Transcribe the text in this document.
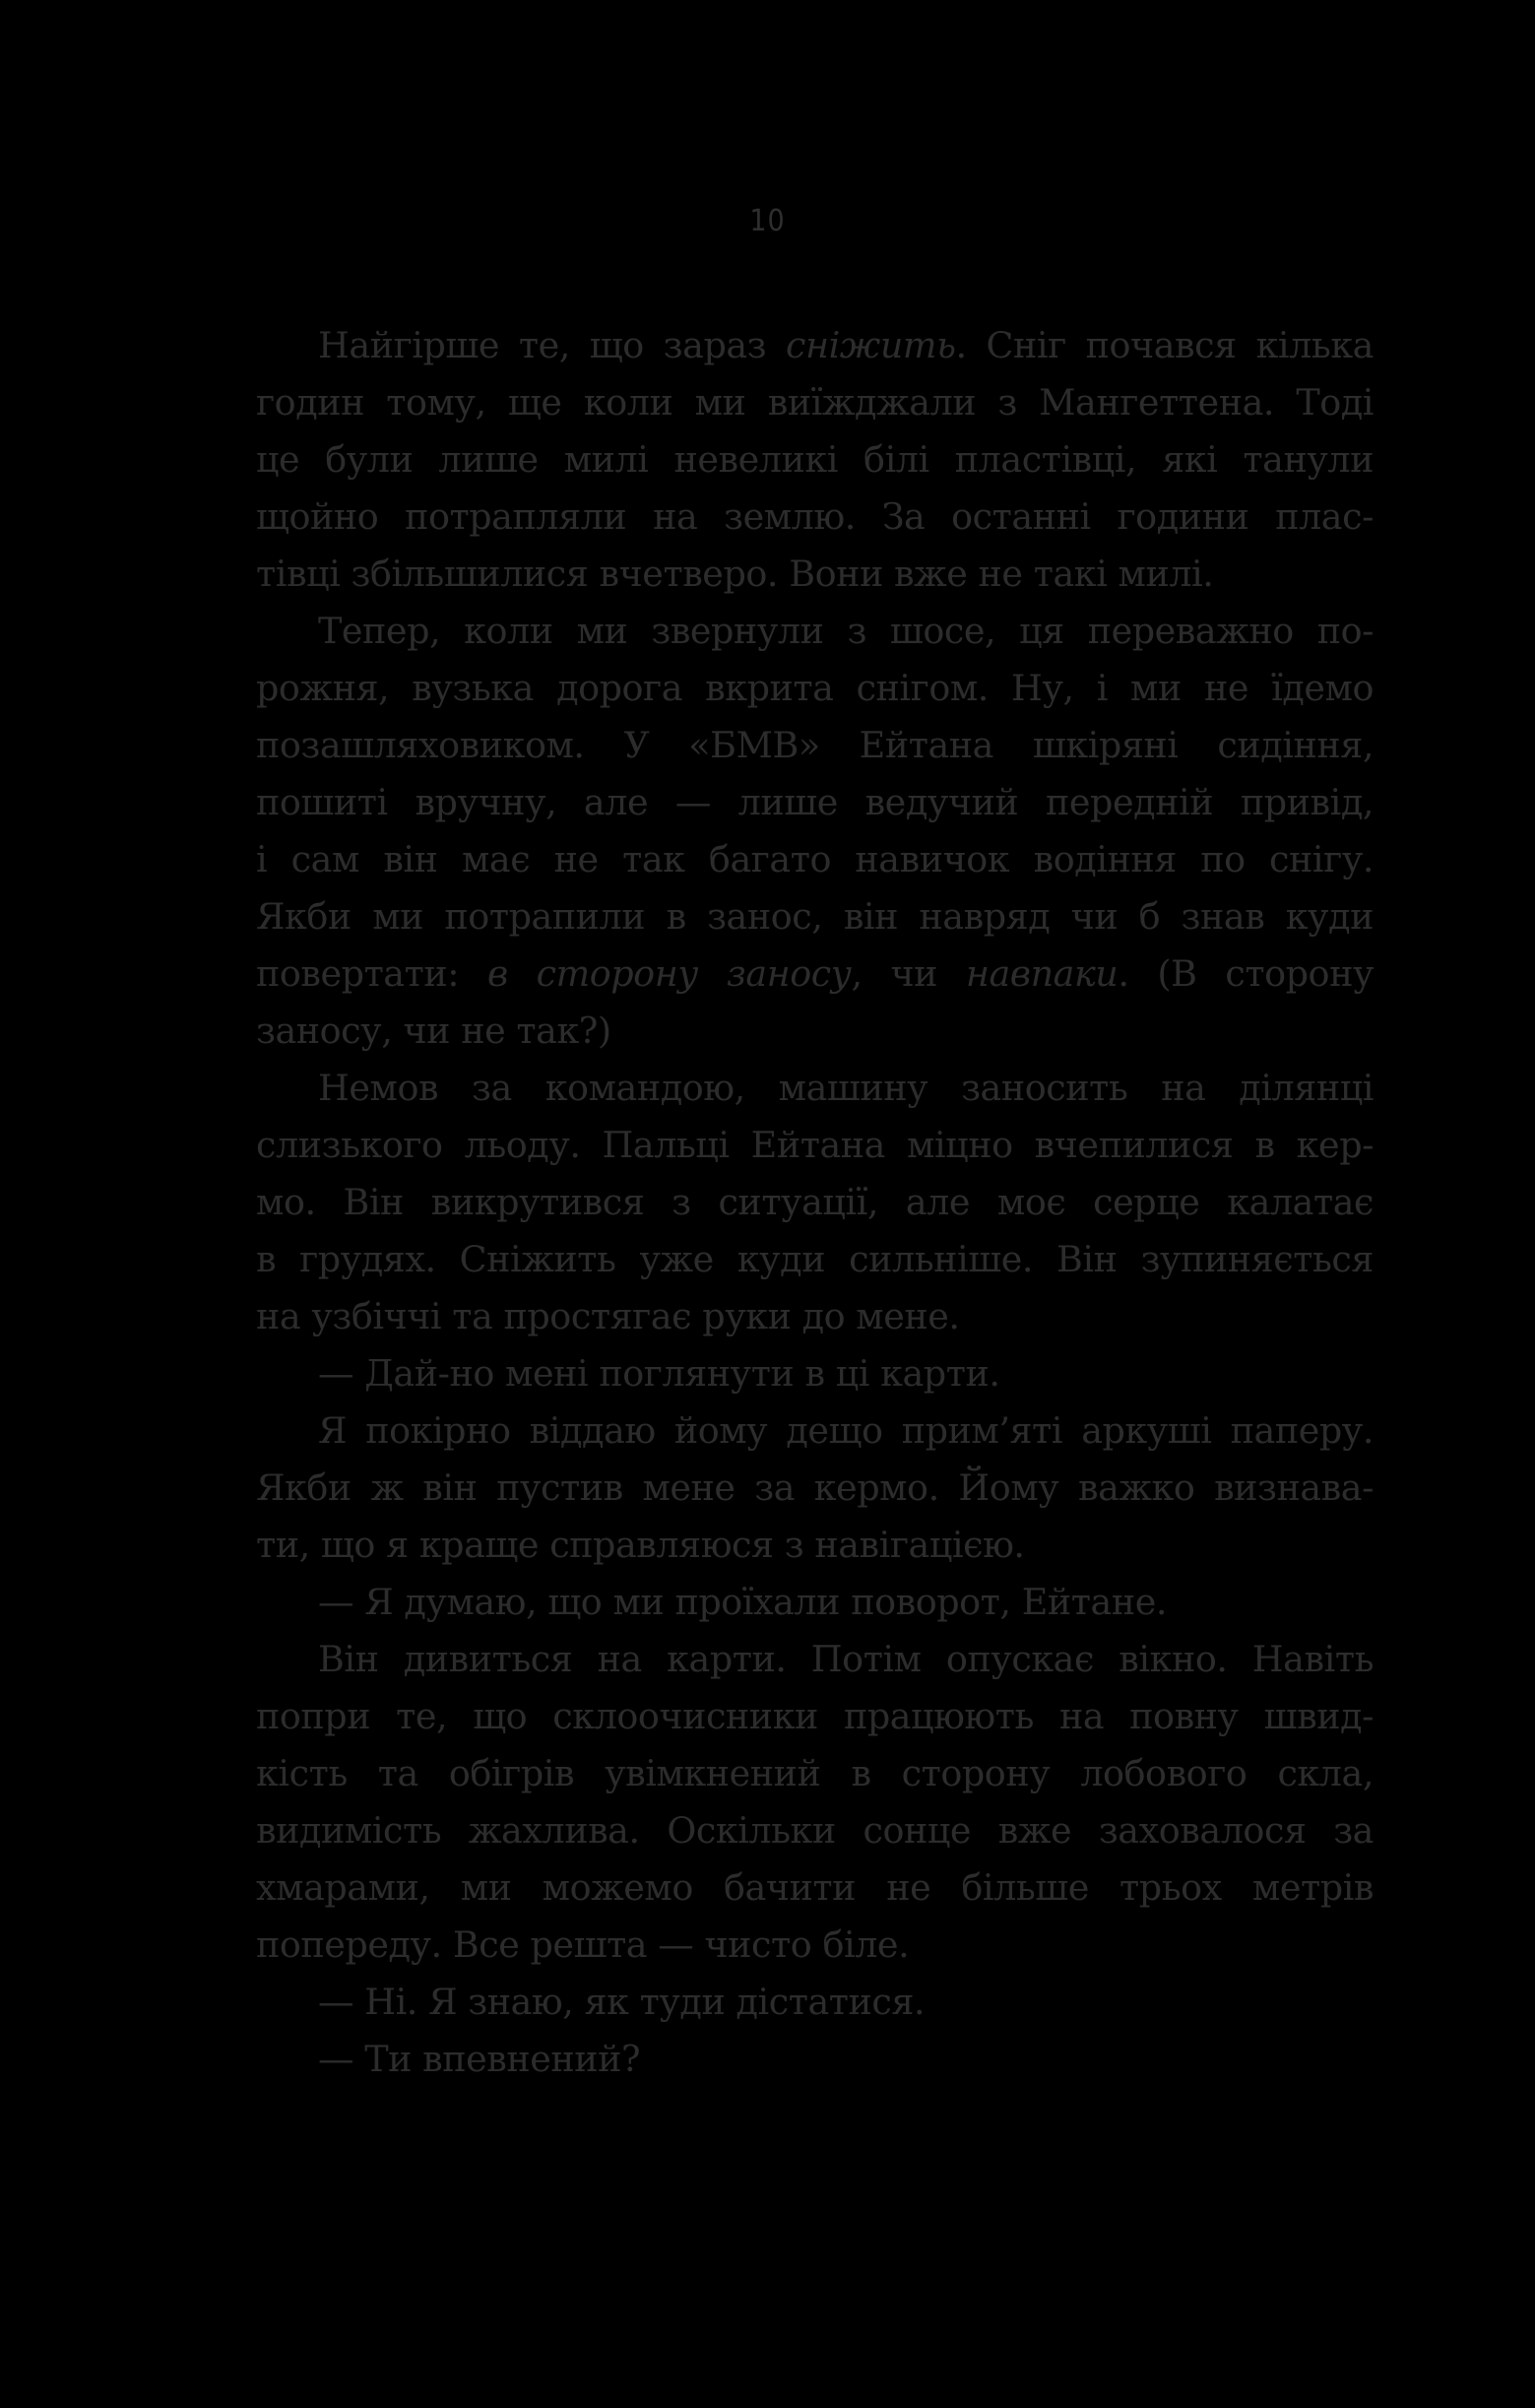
10
Найгірше те, що зараз сніжить. Сніг почався кілька
годин тому, ще коли ми виїжджали з Мангеттена. Тоді
це були лише милі невеликі білі пластівці, які танули
щойно потрапляли на землю. За останні години плас-
тівці збільшилися вчетверо. Вони вже не такі милі.
Тепер, коли ми звернули з шосе, ця переважно по-
рожня, вузька дорога вкрита снігом. Ну, і ми не їдемо
позашляховиком. У «БМВ» Ейтана шкіряні сидіння,
пошиті вручну, але — лише ведучий передній привід,
і сам він має не так багато навичок водіння по снігу.
Якби ми потрапили в занос, він навряд чи б знав куди
повертати: в сторону заносу, чи навпаки. (В сторону
заносу, чи не так?)
Немов за командою, машину заносить на ділянці
слизького льоду. Пальці Ейтана міцно вчепилися в кер-
мо. Він викрутився з ситуації, але моє серце калатає
в грудях. Сніжить уже куди сильніше. Він зупиняється
на узбіччі та простягає руки до мене.
— Дай-но мені поглянути в ці карти.
Я покірно віддаю йому дещо прим’яті аркуші паперу.
Якби ж він пустив мене за кермо. Йому важко визнава-
ти, що я краще справляюся з навігацією.
— Я думаю, що ми проїхали поворот, Ейтане.
Він дивиться на карти. Потім опускає вікно. Навіть
попри те, що склоочисники працюють на повну швид-
кість та обігрів увімкнений в сторону лобового скла,
видимість жахлива. Оскільки сонце вже заховалося за
хмарами, ми можемо бачити не більше трьох метрів
попереду. Все решта — чисто біле.
— Ні. Я знаю, як туди дістатися.
— Ти впевнений?
